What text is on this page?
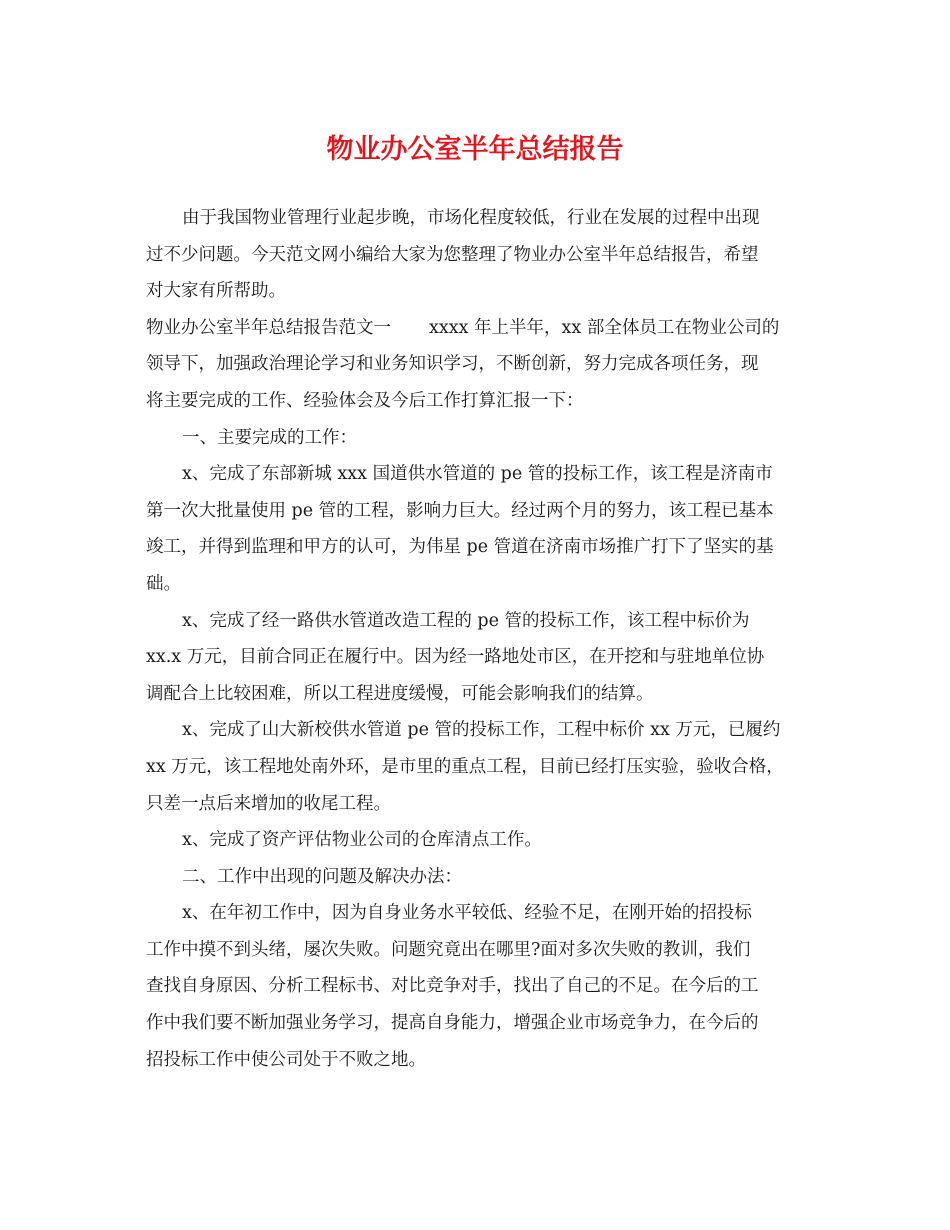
物业办公室半年总结报告
由于我国物业管理行业起步晚，市场化程度较低，行业在发展的过程中出现
过不少问题。今天范文网小编给大家为您整理了物业办公室半年总结报告，希望
对大家有所帮助。
物业办公室半年总结报告范文一 xxxx 年上半年，xx 部全体员工在物业公司的
领导下，加强政治理论学习和业务知识学习，不断创新，努力完成各项任务，现
将主要完成的工作、经验体会及今后工作打算汇报一下：
一、主要完成的工作：
x、完成了东部新城 xxx 国道供水管道的 pe 管的投标工作，该工程是济南市
第一次大批量使用 pe 管的工程，影响力巨大。经过两个月的努力，该工程已基本
竣工，并得到监理和甲方的认可，为伟星 pe 管道在济南市场推广打下了坚实的基
础。
x、完成了经一路供水管道改造工程的 pe 管的投标工作，该工程中标价为
xx.x 万元，目前合同正在履行中。因为经一路地处市区，在开挖和与驻地单位协
调配合上比较困难，所以工程进度缓慢，可能会影响我们的结算。
x、完成了山大新校供水管道 pe 管的投标工作，工程中标价 xx 万元，已履约
xx 万元，该工程地处南外环，是市里的重点工程，目前已经打压实验，验收合格，
只差一点后来增加的收尾工程。
x、完成了资产评估物业公司的仓库清点工作。
二、工作中出现的问题及解决办法：
x、在年初工作中，因为自身业务水平较低、经验不足，在刚开始的招投标
工作中摸不到头绪，屡次失败。问题究竟出在哪里?面对多次失败的教训，我们
查找自身原因、分析工程标书、对比竞争对手，找出了自己的不足。在今后的工
作中我们要不断加强业务学习，提高自身能力，增强企业市场竞争力，在今后的
招投标工作中使公司处于不败之地。
